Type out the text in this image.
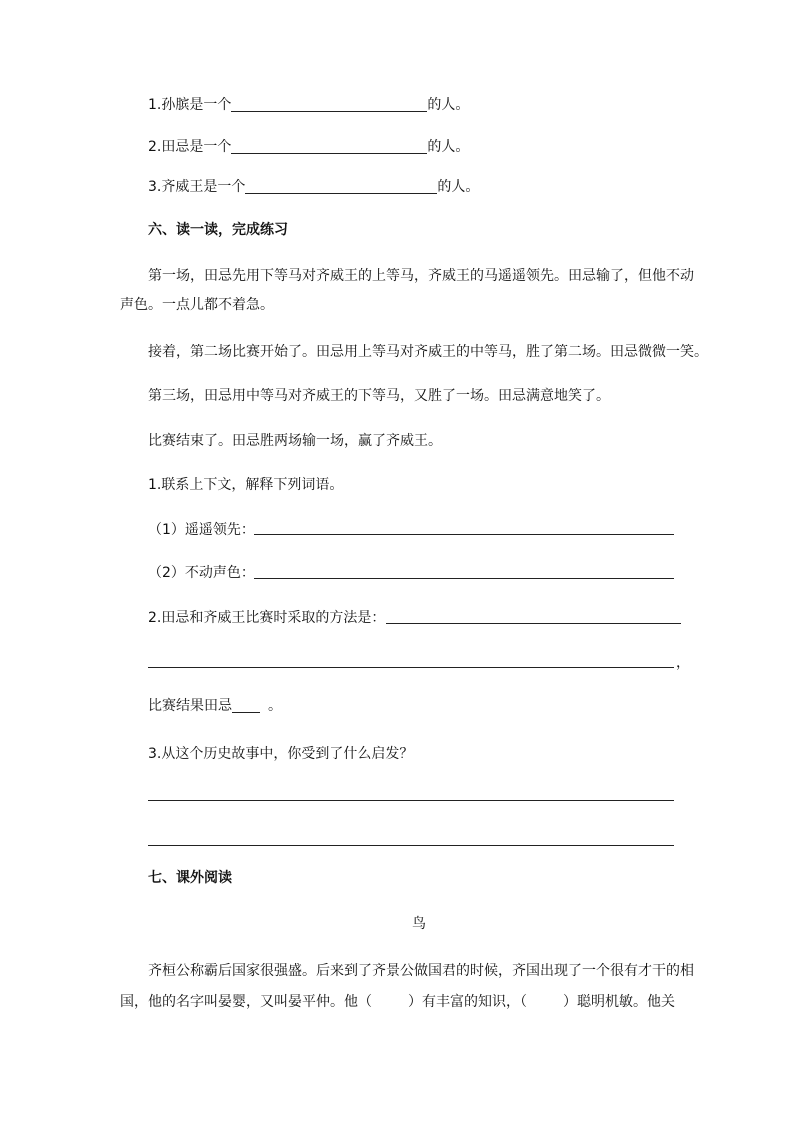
1.孙膑是一个	的人。
2.田忌是一个	的人。
3.齐威王是一个	的人。
六、读一读，完成练习
第一场，田忌先用下等马对齐威王的上等马，齐威王的马遥遥领先。田忌输了，但他不动
声色。一点儿都不着急。
接着，第二场比赛开始了。田忌用上等马对齐威王的中等马，胜了第二场。田忌微微一笑。
第三场，田忌用中等马对齐威王的下等马，又胜了一场。田忌满意地笑了。
比赛结束了。田忌胜两场输一场，赢了齐威王。
1.联系上下文，解释下列词语。
（1）遥遥领先：
（2）不动声色：
2.田忌和齐威王比赛时采取的方法是：
，
比赛结果田忌	。
3.从这个历史故事中，你受到了什么启发？
七、课外阅读
鸟
齐桓公称霸后国家很强盛。后来到了齐景公做国君的时候，齐国出现了一个很有才干的相
国，他的名字叫晏婴，又叫晏平仲。他（	）有丰富的知识，（	）聪明机敏。他关
